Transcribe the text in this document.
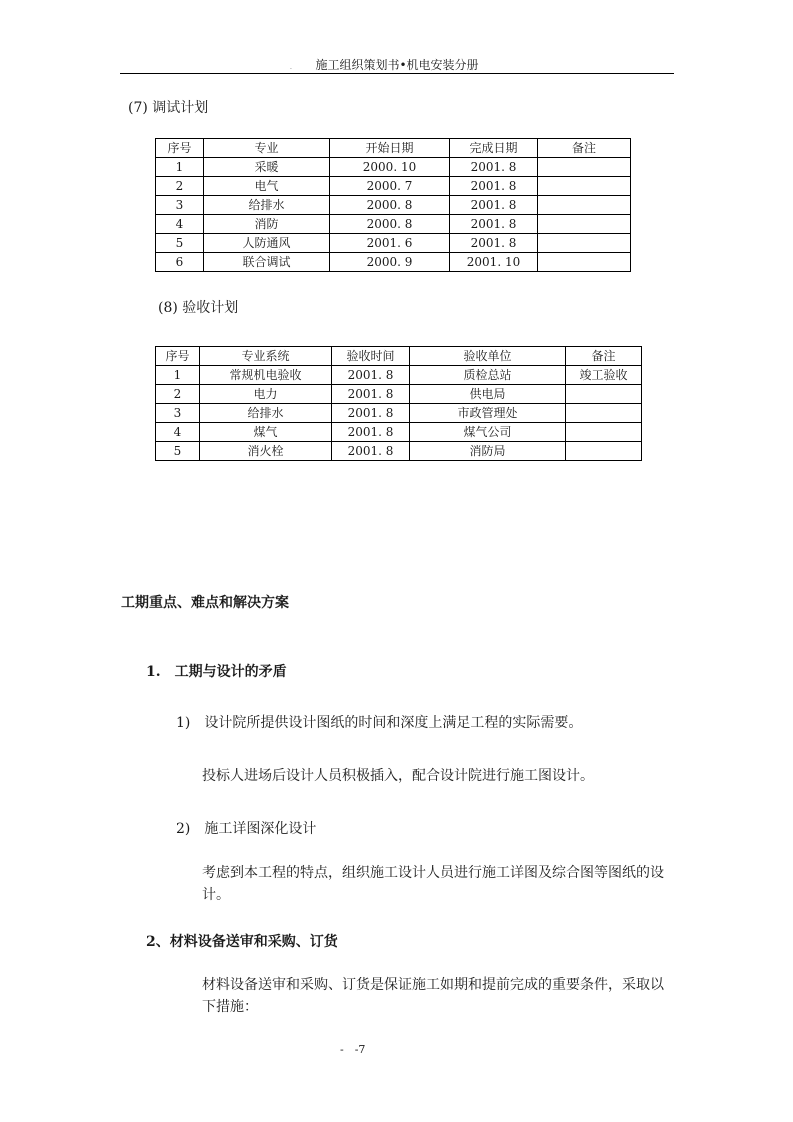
.	施工组织策划书•机电安装分册
(7) 调试计划
序号	专业	开始日期	完成日期	备注
1	采暖	2000. 10	2001. 8	
2	电气	2000. 7	2001. 8	
3	给排水	2000. 8	2001. 8	
4	消防	2000. 8	2001. 8	
5	人防通风	2001. 6	2001. 8	
6	联合调试	2000. 9	2001. 10	
(8) 验收计划
序号	专业系统	验收时间	验收单位	备注
1	常规机电验收	2001. 8	质检总站	竣工验收
2	电力	2001. 8	供电局	
3	给排水	2001. 8	市政管理处	
4	煤气	2001. 8	煤气公司	
5	消火栓	2001. 8	消防局	
工期重点、难点和解决方案
1.　工期与设计的矛盾
1)　设计院所提供设计图纸的时间和深度上满足工程的实际需要。
投标人进场后设计人员积极插入，配合设计院进行施工图设计。
2)　施工详图深化设计
考虑到本工程的特点，组织施工设计人员进行施工详图及综合图等图纸的设计。
2、材料设备送审和采购、订货
材料设备送审和采购、订货是保证施工如期和提前完成的重要条件，采取以下措施：
-　-7
